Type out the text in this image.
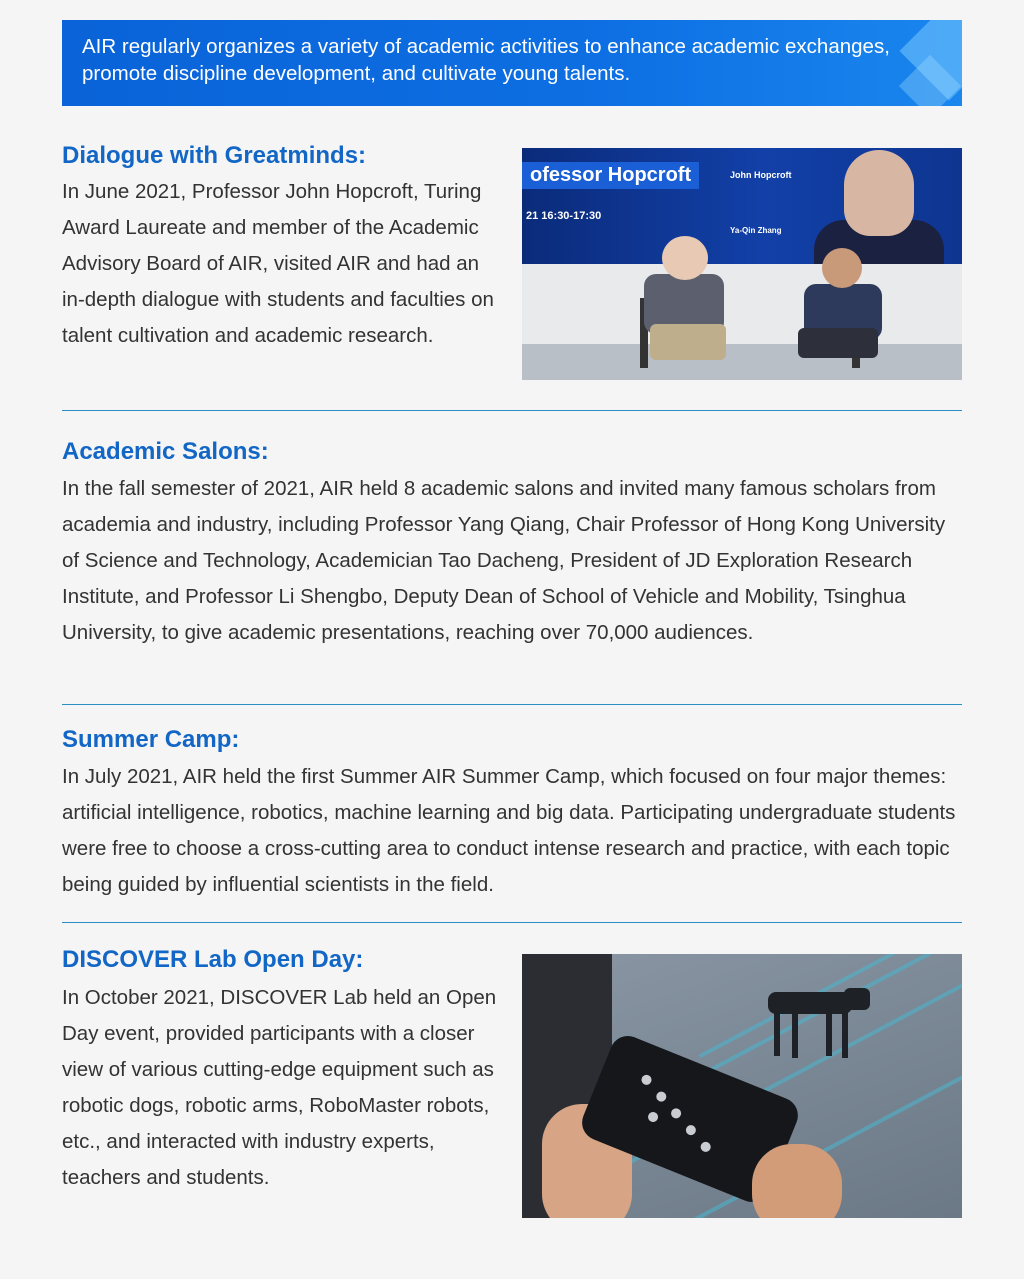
AIR regularly organizes a variety of academic activities to enhance academic exchanges, promote discipline development, and cultivate young talents.

Dialogue with Greatminds:

In June 2021, Professor John Hopcroft, Turing Award Laureate and member of the Academic Advisory Board of AIR, visited AIR and had an in-depth dialogue with students and faculties on talent cultivation and academic research.

ofessor Hopcroft
21 16:30-17:30
John Hopcroft
Ya-Qin Zhang
Academic Salons:

In the fall semester of 2021, AIR held 8 academic salons and invited many famous scholars from academia and industry, including Professor Yang Qiang, Chair Professor of Hong Kong University of Science and Technology, Academician Tao Dacheng, President of JD Exploration Research Institute, and Professor Li Shengbo, Deputy Dean of School of Vehicle and Mobility, Tsinghua University, to give academic presentations, reaching over 70,000 audiences.

Summer Camp:

In July 2021, AIR held the first Summer AIR Summer Camp, which focused on four major themes: artificial intelligence, robotics, machine learning and big data. Participating undergraduate students were free to choose a cross-cutting area to conduct intense research and practice, with each topic being guided by influential scientists in the field.

DISCOVER Lab Open Day:

In October 2021, DISCOVER Lab held an Open Day event, provided participants with a closer view of various cutting-edge equipment such as robotic dogs, robotic arms, RoboMaster robots, etc., and interacted with industry experts, teachers and students.
